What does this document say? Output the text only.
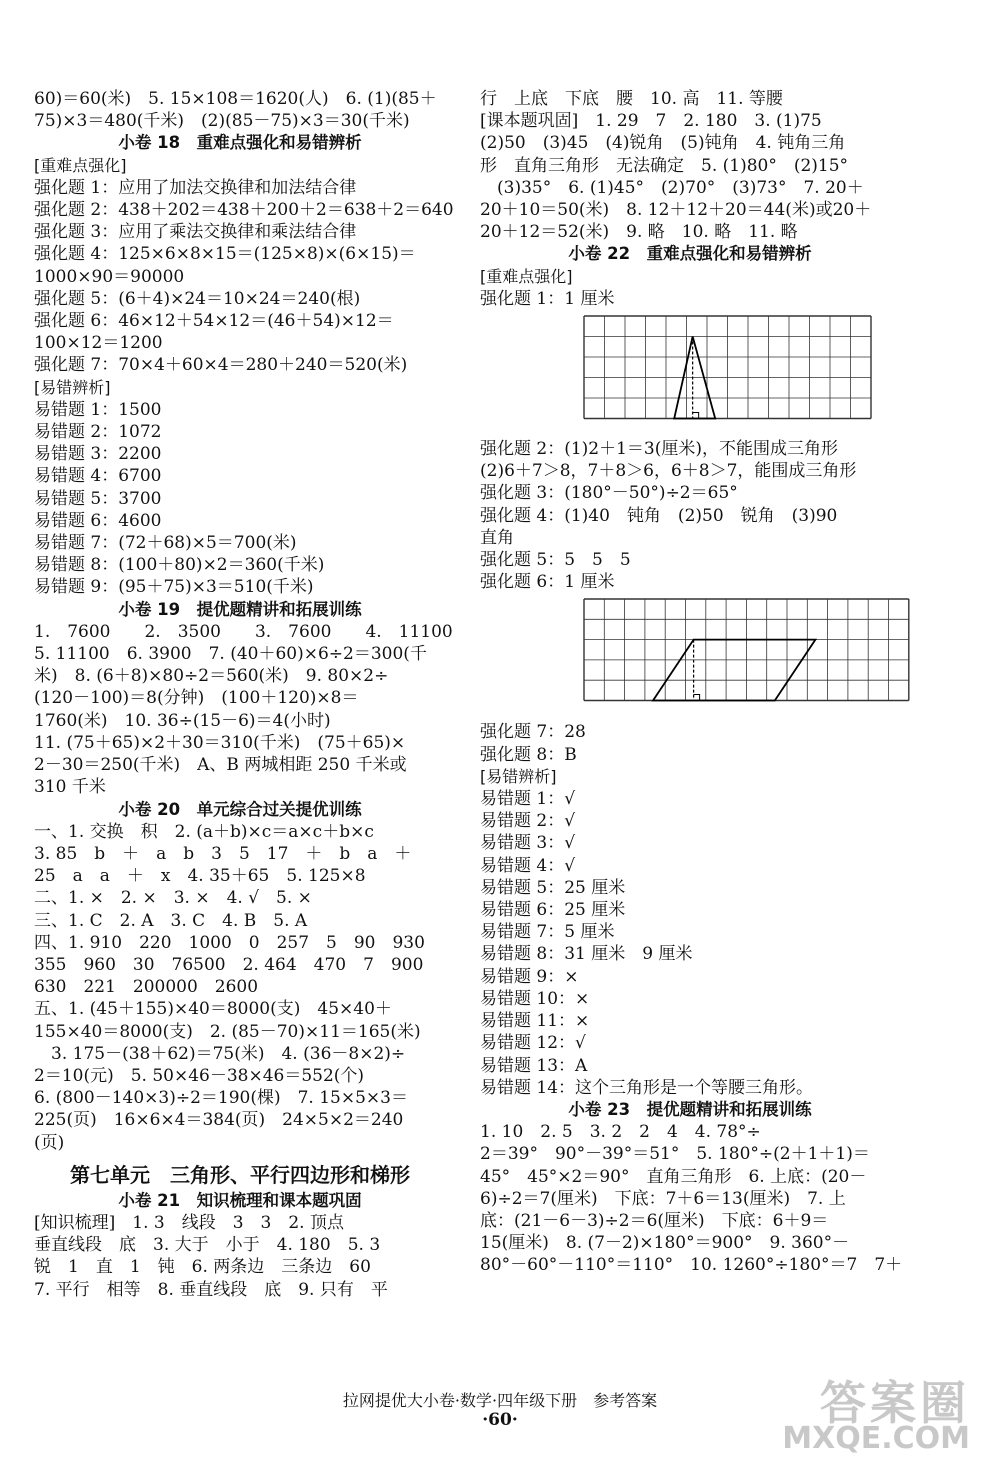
60)＝60(米)　5. 15×108＝1620(人)　6. (1)(85＋
75)×3＝480(千米)　(2)(85－75)×3＝30(千米)
小卷 18　重难点强化和易错辨析
[重难点强化]
强化题 1：应用了加法交换律和加法结合律
强化题 2：438＋202＝438＋200＋2＝638＋2＝640
强化题 3：应用了乘法交换律和乘法结合律
强化题 4：125×6×8×15＝(125×8)×(6×15)＝
1000×90＝90000
强化题 5：(6＋4)×24＝10×24＝240(根)
强化题 6：46×12＋54×12＝(46＋54)×12＝
100×12＝1200
强化题 7：70×4＋60×4＝280＋240＝520(米)
[易错辨析]
易错题 1：1500
易错题 2：1072
易错题 3：2200
易错题 4：6700
易错题 5：3700
易错题 6：4600
易错题 7：(72＋68)×5＝700(米)
易错题 8：(100＋80)×2＝360(千米)
易错题 9：(95＋75)×3＝510(千米)
小卷 19　提优题精讲和拓展训练
1.　7600　　2.　3500　　3.　7600　　4.　11100
5. 11100　6. 3900　7. (40＋60)×6÷2＝300(千
米)　8. (6＋8)×80÷2＝560(米)　9. 80×2÷
(120－100)＝8(分钟)　(100＋120)×8＝
1760(米)　10. 36÷(15－6)＝4(小时)
11. (75＋65)×2＋30＝310(千米)　(75＋65)×
2－30＝250(千米)　A、B 两城相距 250 千米或
310 千米
小卷 20　单元综合过关提优训练
一、1. 交换　积　2. (a＋b)×c＝a×c＋b×c
3. 85　b　＋　a　b　3　5　17　＋　b　a　＋
25　a　a　＋　x　4. 35＋65　5. 125×8
二、1. ×　2. ×　3. ×　4. √　5. ×
三、1. C　2. A　3. C　4. B　5. A
四、1. 910　220　1000　0　257　5　90　930
355　960　30　76500　2. 464　470　7　900
630　221　200000　2600
五、1. (45＋155)×40＝8000(支)　45×40＋
155×40＝8000(支)　2. (85－70)×11＝165(米)
　3. 175－(38＋62)＝75(米)　4. (36－8×2)÷
2＝10(元)　5. 50×46－38×46＝552(个)
6. (800－140×3)÷2＝190(棵)　7. 15×5×3＝
225(页)　16×6×4＝384(页)　24×5×2＝240
(页)
第七单元　三角形、平行四边形和梯形
小卷 21　知识梳理和课本题巩固
[知识梳理]　1. 3　线段　3　3　2. 顶点
垂直线段　底　3. 大于　小于　4. 180　5. 3
锐　1　直　1　钝　6. 两条边　三条边　60
7. 平行　相等　8. 垂直线段　底　9. 只有　平
行　上底　下底　腰　10. 高　11. 等腰
[课本题巩固]　1. 29　7　2. 180　3. (1)75
(2)50　(3)45　(4)锐角　(5)钝角　4. 钝角三角
形　直角三角形　无法确定　5. (1)80°　(2)15°
　(3)35°　6. (1)45°　(2)70°　(3)73°　7. 20＋
20＋10＝50(米)　8. 12＋12＋20＝44(米)或20＋
20＋12＝52(米)　9. 略　10. 略　11. 略
小卷 22　重难点强化和易错辨析
[重难点强化]
强化题 1：1 厘米
强化题 2：(1)2＋1＝3(厘米)，不能围成三角形
(2)6＋7＞8，7＋8＞6，6＋8＞7，能围成三角形
强化题 3：(180°－50°)÷2＝65°
强化题 4：(1)40　钝角　(2)50　锐角　(3)90
直角
强化题 5：5　5　5
强化题 6：1 厘米
强化题 7：28
强化题 8：B
[易错辨析]
易错题 1：√
易错题 2：√
易错题 3：√
易错题 4：√
易错题 5：25 厘米
易错题 6：25 厘米
易错题 7：5 厘米
易错题 8：31 厘米　9 厘米
易错题 9：×
易错题 10：×
易错题 11：×
易错题 12：√
易错题 13：A
易错题 14：这个三角形是一个等腰三角形。
小卷 23　提优题精讲和拓展训练
1. 10　2. 5　3. 2　2　4　4. 78°÷
2＝39°　90°－39°＝51°　5. 180°÷(2＋1＋1)＝
45°　45°×2＝90°　直角三角形　6. 上底：(20－
6)÷2＝7(厘米)　下底：7＋6＝13(厘米)　7. 上
底：(21－6－3)÷2＝6(厘米)　下底：6＋9＝
15(厘米)　8. (7－2)×180°＝900°　9. 360°－
80°－60°－110°＝110°　10. 1260°÷180°＝7　7＋
拉网提优大小卷·数学·四年级下册　参考答案
·60·	答案圈
MXQE.COM
